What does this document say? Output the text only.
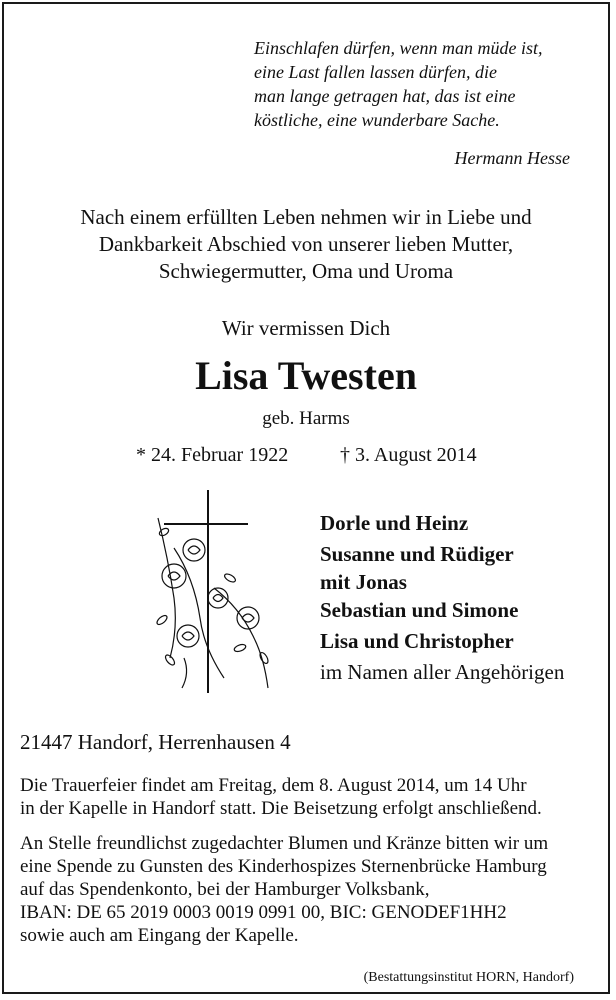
Einschlafen dürfen, wenn man müde ist,
eine Last fallen lassen dürfen, die
man lange getragen hat, das ist eine
köstliche, eine wunderbare Sache.
Hermann Hesse
Nach einem erfüllten Leben nehmen wir in Liebe und
Dankbarkeit Abschied von unserer lieben Mutter,
Schwiegermutter, Oma und Uroma
Wir vermissen Dich
Lisa Twesten
geb. Harms
* 24. Februar 1922	† 3. August 2014
Dorle und Heinz
Susanne und Rüdiger
mit Jonas
Sebastian und Simone
Lisa und Christopher
im Namen aller Angehörigen
21447 Handorf, Herrenhausen 4
Die Trauerfeier findet am Freitag, dem 8. August 2014, um 14 Uhr
in der Kapelle in Handorf statt. Die Beisetzung erfolgt anschließend.
An Stelle freundlichst zugedachter Blumen und Kränze bitten wir um
eine Spende zu Gunsten des Kinderhospizes Sternenbrücke Hamburg
auf das Spendenkonto, bei der Hamburger Volksbank,
IBAN: DE 65 2019 0003 0019 0991 00, BIC: GENODEF1HH2
sowie auch am Eingang der Kapelle.
(Bestattungsinstitut HORN, Handorf)
